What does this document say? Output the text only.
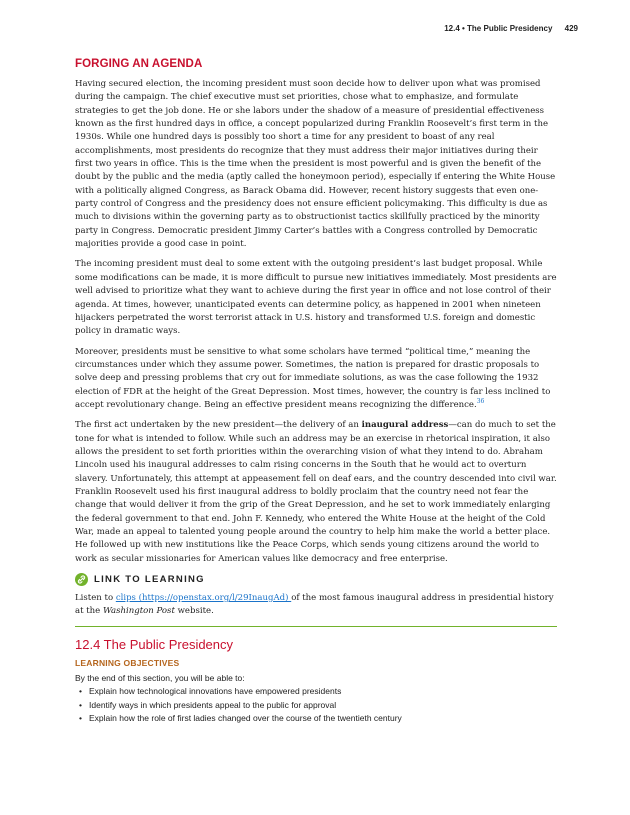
12.4 • The Public Presidency 429
FORGING AN AGENDA

Having secured election, the incoming president must soon decide how to deliver upon what was promised during the campaign. The chief executive must set priorities, chose what to emphasize, and formulate strategies to get the job done. He or she labors under the shadow of a measure of presidential effectiveness known as the first hundred days in office, a concept popularized during Franklin Roosevelt’s first term in the 1930s. While one hundred days is possibly too short a time for any president to boast of any real accomplishments, most presidents do recognize that they must address their major initiatives during their first two years in office. This is the time when the president is most powerful and is given the benefit of the doubt by the public and the media (aptly called the honeymoon period), especially if entering the White House with a politically aligned Congress, as Barack Obama did. However, recent history suggests that even one-party control of Congress and the presidency does not ensure efficient policymaking. This difficulty is due as much to divisions within the governing party as to obstructionist tactics skillfully practiced by the minority party in Congress. Democratic president Jimmy Carter’s battles with a Congress controlled by Democratic majorities provide a good case in point.

The incoming president must deal to some extent with the outgoing president’s last budget proposal. While some modifications can be made, it is more difficult to pursue new initiatives immediately. Most presidents are well advised to prioritize what they want to achieve during the first year in office and not lose control of their agenda. At times, however, unanticipated events can determine policy, as happened in 2001 when nineteen hijackers perpetrated the worst terrorist attack in U.S. history and transformed U.S. foreign and domestic policy in dramatic ways.

Moreover, presidents must be sensitive to what some scholars have termed “political time,” meaning the circumstances under which they assume power. Sometimes, the nation is prepared for drastic proposals to solve deep and pressing problems that cry out for immediate solutions, as was the case following the 1932 election of FDR at the height of the Great Depression. Most times, however, the country is far less inclined to accept revolutionary change. Being an effective president means recognizing the difference.$^{36}$

The first act undertaken by the new president—the delivery of an inaugural address—can do much to set the tone for what is intended to follow. While such an address may be an exercise in rhetorical inspiration, it also allows the president to set forth priorities within the overarching vision of what they intend to do. Abraham Lincoln used his inaugural addresses to calm rising concerns in the South that he would act to overturn slavery. Unfortunately, this attempt at appeasement fell on deaf ears, and the country descended into civil war. Franklin Roosevelt used his first inaugural address to boldly proclaim that the country need not fear the change that would deliver it from the grip of the Great Depression, and he set to work immediately enlarging the federal government to that end. John F. Kennedy, who entered the White House at the height of the Cold War, made an appeal to talented young people around the country to help him make the world a better place. He followed up with new institutions like the Peace Corps, which sends young citizens around the world to work as secular missionaries for American values like democracy and free enterprise.

LINK TO LEARNING

Listen to clips (https://openstax.org/l/29InaugAd) of the most famous inaugural address in presidential history at the Washington Post website.

12.4 The Public Presidency
LEARNING OBJECTIVES

By the end of this section, you will be able to:

• Explain how technological innovations have empowered presidents
• Identify ways in which presidents appeal to the public for approval
• Explain how the role of first ladies changed over the course of the twentieth century
